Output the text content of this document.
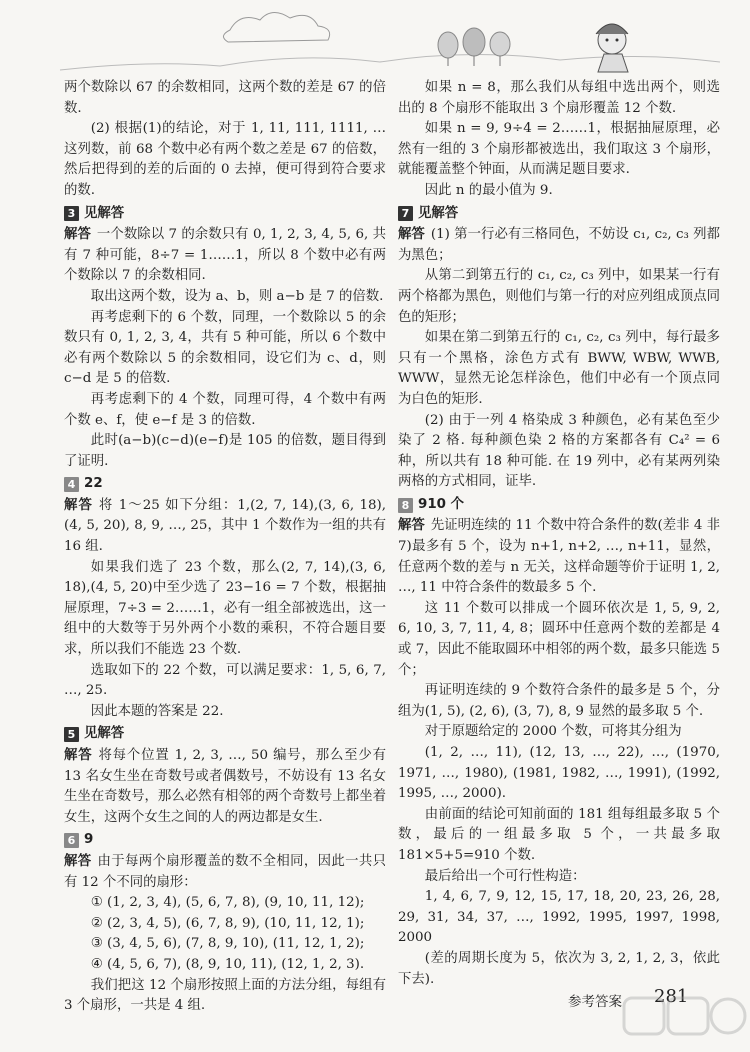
两个数除以 67 的余数相同，这两个数的差是 67 的倍数.

(2) 根据(1)的结论，对于 1, 11, 111, 1111, …这列数，前 68 个数中必有两个数之差是 67 的倍数，然后把得到的差的后面的 0 去掉，便可得到符合要求的数.

3 见解答

解答 一个数除以 7 的余数只有 0, 1, 2, 3, 4, 5, 6, 共有 7 种可能，8÷7 = 1……1，所以 8 个数中必有两个数除以 7 的余数相同.

取出这两个数，设为 a、b，则 a−b 是 7 的倍数.

再考虑剩下的 6 个数，同理，一个数除以 5 的余数只有 0, 1, 2, 3, 4，共有 5 种可能，所以 6 个数中必有两个数除以 5 的余数相同，设它们为 c、d，则 c−d 是 5 的倍数.

再考虑剩下的 4 个数，同理可得，4 个数中有两个数 e、f，使 e−f 是 3 的倍数.

此时(a−b)(c−d)(e−f)是 105 的倍数，题目得到了证明.

4 22

解答 将 1～25 如下分组：1,(2, 7, 14),(3, 6, 18),(4, 5, 20), 8, 9, …, 25，其中 1 个数作为一组的共有 16 组.

如果我们选了 23 个数，那么(2, 7, 14),(3, 6, 18),(4, 5, 20)中至少选了 23−16 = 7 个数，根据抽屉原理，7÷3 = 2……1，必有一组全部被选出，这一组中的大数等于另外两个小数的乘积，不符合题目要求，所以我们不能选 23 个数.

选取如下的 22 个数，可以满足要求：1, 5, 6, 7, …, 25.

因此本题的答案是 22.

5 见解答

解答 将每个位置 1, 2, 3, …, 50 编号，那么至少有 13 名女生坐在奇数号或者偶数号，不妨设有 13 名女生坐在奇数号，那么必然有相邻的两个奇数号上都坐着女生，这两个女生之间的人的两边都是女生.

6 9

解答 由于每两个扇形覆盖的数不全相同，因此一共只有 12 个不同的扇形：

① (1, 2, 3, 4), (5, 6, 7, 8), (9, 10, 11, 12);

② (2, 3, 4, 5), (6, 7, 8, 9), (10, 11, 12, 1);

③ (3, 4, 5, 6), (7, 8, 9, 10), (11, 12, 1, 2);

④ (4, 5, 6, 7), (8, 9, 10, 11), (12, 1, 2, 3).

我们把这 12 个扇形按照上面的方法分组，每组有 3 个扇形，一共是 4 组.

如果 n = 8，那么我们从每组中选出两个，则选出的 8 个扇形不能取出 3 个扇形覆盖 12 个数.

如果 n = 9, 9÷4 = 2……1，根据抽屉原理，必然有一组的 3 个扇形都被选出，我们取这 3 个扇形，就能覆盖整个钟面，从而满足题目要求.

因此 n 的最小值为 9.

7 见解答

解答 (1) 第一行必有三格同色，不妨设 c₁, c₂, c₃ 列都为黑色；

从第二到第五行的 c₁, c₂, c₃ 列中，如果某一行有两个格都为黑色，则他们与第一行的对应列组成顶点同色的矩形；

如果在第二到第五行的 c₁, c₂, c₃ 列中，每行最多只有一个黑格，涂色方式有 BWW, WBW, WWB, WWW，显然无论怎样涂色，他们中必有一个顶点同为白色的矩形.

(2) 由于一列 4 格染成 3 种颜色，必有某色至少染了 2 格. 每种颜色染 2 格的方案都各有 C₄² = 6 种，所以共有 18 种可能. 在 19 列中，必有某两列染两格的方式相同，证毕.

8 910 个

解答 先证明连续的 11 个数中符合条件的数(差非 4 非 7)最多有 5 个，设为 n+1, n+2, …, n+11，显然，任意两个数的差与 n 无关，这样命题等价于证明 1, 2, …, 11 中符合条件的数最多 5 个.

这 11 个数可以排成一个圆环依次是 1, 5, 9, 2, 6, 10, 3, 7, 11, 4, 8；圆环中任意两个数的差都是 4 或 7，因此不能取圆环中相邻的两个数，最多只能选 5 个；

再证明连续的 9 个数符合条件的最多是 5 个，分组为(1, 5), (2, 6), (3, 7), 8, 9 显然的最多取 5 个.

对于原题给定的 2000 个数，可将其分组为

(1, 2, …, 11), (12, 13, …, 22), …, (1970, 1971, …, 1980), (1981, 1982, …, 1991), (1992, 1995, …, 2000).

由前面的结论可知前面的 181 组每组最多取 5 个数，最后的一组最多取 5 个，一共最多取 181×5+5=910 个数.

最后给出一个可行性构造：

1, 4, 6, 7, 9, 12, 15, 17, 18, 20, 23, 26, 28, 29, 31, 34, 37, …, 1992, 1995, 1997, 1998, 2000

(差的周期长度为 5，依次为 3, 2, 1, 2, 3，依此下去).

参考答案 281
